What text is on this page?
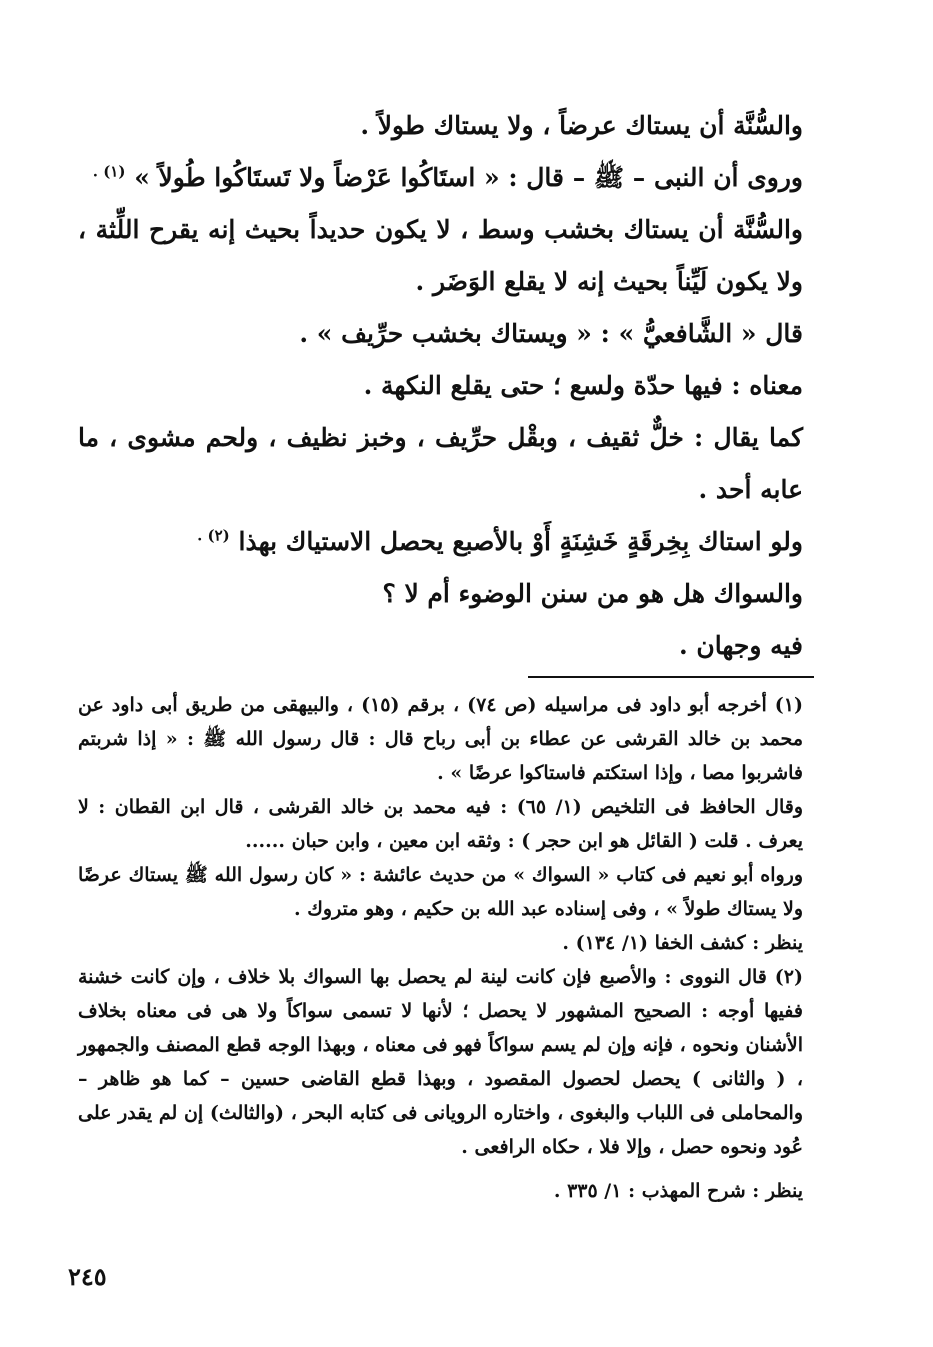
والسُّنَّة أن يستاك عرضاً ، ولا يستاك طولاً .

وروى أن النبى – ﷺ – قال : « استَاكُوا عَرْضاً ولا تَستَاكُوا طُولاً » $^{(١) .}$

والسُّنَّة أن يستاك بخشب وسط ، لا يكون حديداً بحيث إنه يقرح اللِّثة ، ولا يكون لَيِّناً بحيث إنه لا يقلع الوَضَر .

قال « الشَّافعيُّ » : « ويستاك بخشب حرِّيف » .

معناه : فيها حدّة ولسع ؛ حتى يقلع النكهة .

كما يقال : خلٌّ ثقيف ، وبقْل حرِّيف ، وخبز نظيف ، ولحم مشوى ، ما عابه أحد .

ولو استاك بِخِرقَةٍ خَشِنَةٍ أَوْ بالأصبع يحصل الاستياك بهذا $^{(٢) .}$

والسواك هل هو من سنن الوضوء أم لا ؟

فيه وجهان .

(١) أخرجه أبو داود فى مراسيله (ص ٧٤) ، برقم (١٥) ، والبيهقى من طريق أبى داود عن محمد بن خالد القرشى عن عطاء بن أبى رباح قال : قال رسول الله ﷺ : « إذا شربتم فاشربوا مصا ، وإذا استكتم فاستاكوا عرضًا » .

وقال الحافظ فى التلخيص (١/ ٦٥) : فيه محمد بن خالد القرشى ، قال ابن القطان : لا يعرف . قلت ( القائل هو ابن حجر ) : وثقه ابن معين ، وابن حبان ......

ورواه أبو نعيم فى كتاب « السواك » من حديث عائشة : « كان رسول الله ﷺ يستاك عرضًا ولا يستاك طولاً » ، وفى إسناده عبد الله بن حكيم ، وهو متروك .

ينظر : كشف الخفا (١/ ١٣٤) .

(٢) قال النووى : والأصبع فإن كانت لينة لم يحصل بها السواك بلا خلاف ، وإن كانت خشنة ففيها أوجه : الصحيح المشهور لا يحصل ؛ لأنها لا تسمى سواكاً ولا هى فى معناه بخلاف الأشنان ونحوه ، فإنه وإن لم يسم سواكاً فهو فى معناه ، وبهذا الوجه قطع المصنف والجمهور ، ( والثانى ) يحصل لحصول المقصود ، وبهذا قطع القاضى حسين – كما هو ظاهر – والمحاملى فى اللباب والبغوى ، واختاره الرويانى فى كتابه البحر ، (والثالث) إن لم يقدر على عُود ونحوه حصل ، وإلا فلا ، حكاه الرافعى .

ينظر : شرح المهذب : ١/ ٣٣٥ .

٢٤٥
